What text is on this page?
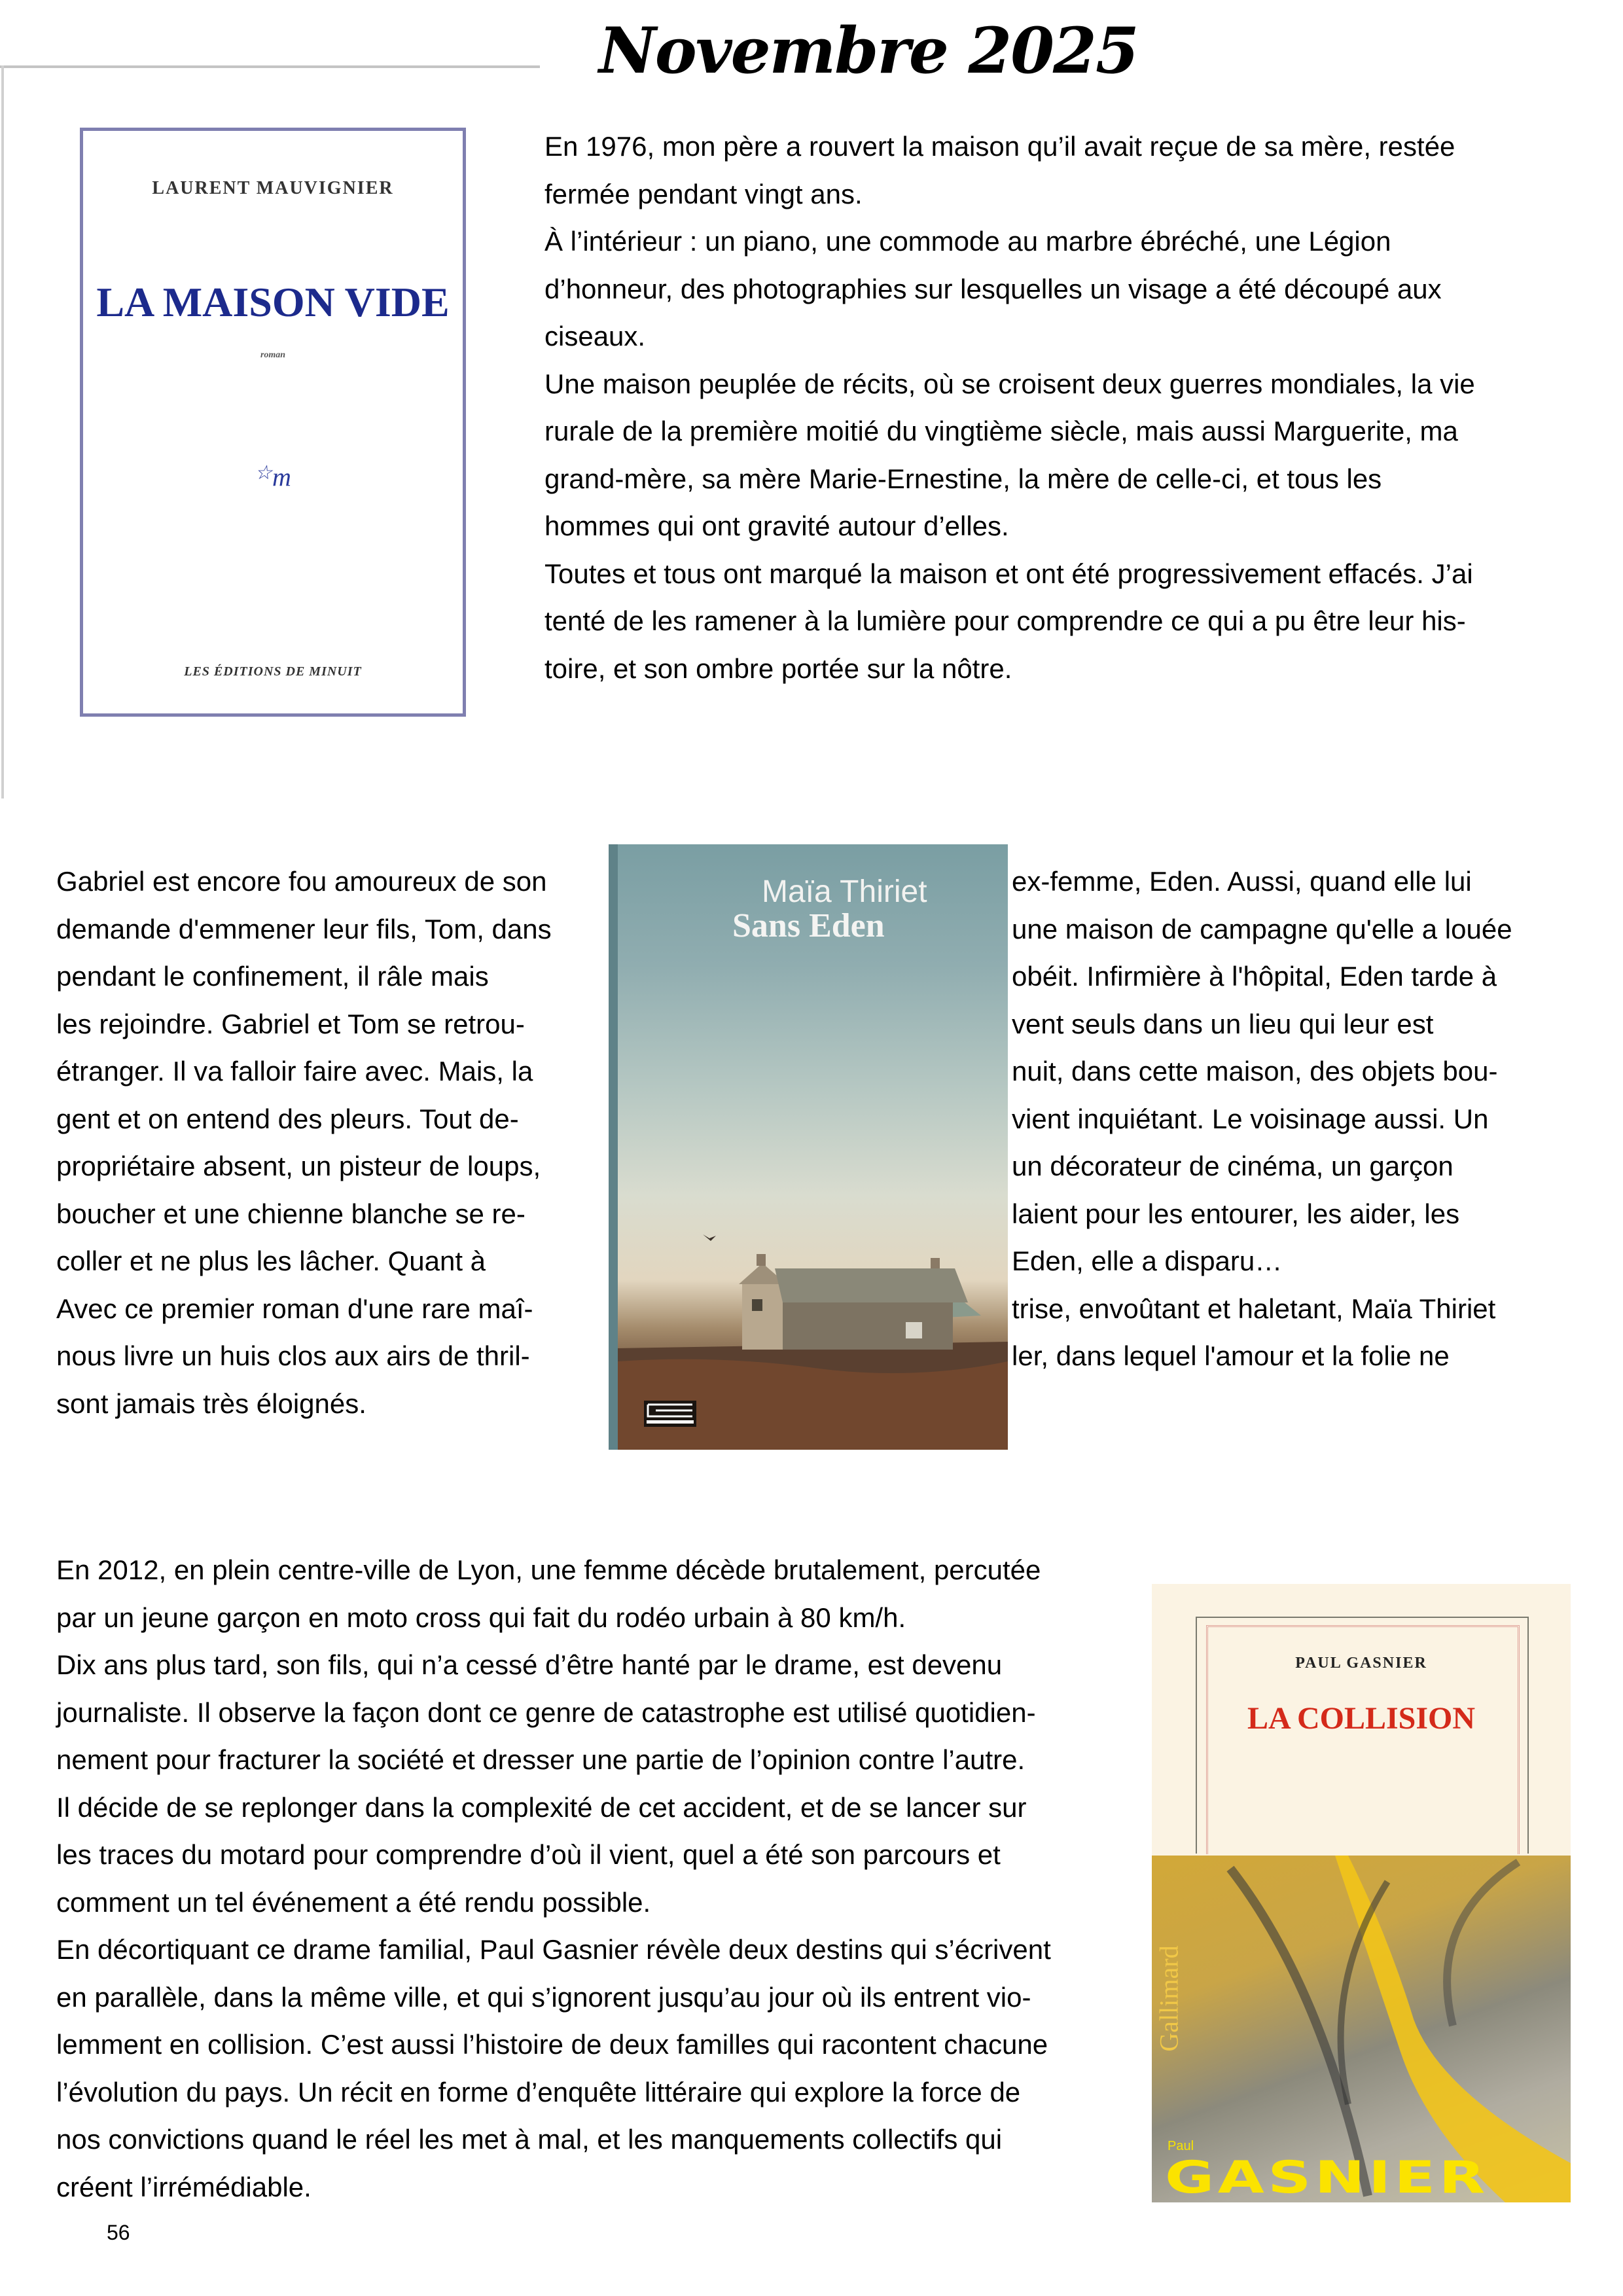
Novembre 2025
LAURENT MAUVIGNIER
LA MAISON VIDE
roman
☆m
LES ÉDITIONS DE MINUIT
En 1976, mon père a rouvert la maison qu’il avait reçue de sa mère, restée
fermée pendant vingt ans.
À l’intérieur : un piano, une commode au marbre ébréché, une Légion
d’honneur, des photographies sur lesquelles un visage a été découpé aux
ciseaux.
Une maison peuplée de récits, où se croisent deux guerres mondiales, la vie
rurale de la première moitié du vingtième siècle, mais aussi Marguerite, ma
grand-mère, sa mère Marie-Ernestine, la mère de celle-ci, et tous les
hommes qui ont gravité autour d’elles.
Toutes et tous ont marqué la maison et ont été progressivement effacés. J’ai
tenté de les ramener à la lumière pour comprendre ce qui a pu être leur his-
toire, et son ombre portée sur la nôtre.
Gabriel est encore fou amoureux de son
demande d'emmener leur fils, Tom, dans
pendant le confinement, il râle mais
les rejoindre. Gabriel et Tom se retrou-
étranger. Il va falloir faire avec. Mais, la
gent et on entend des pleurs. Tout de-
propriétaire absent, un pisteur de loups,
boucher et une chienne blanche se re-
coller et ne plus les lâcher. Quant à
Avec ce premier roman d'une rare maî-
nous livre un huis clos aux airs de thril-
sont jamais très éloignés.
Maïa Thiriet
Sans Eden
ex-femme, Eden. Aussi, quand elle lui
une maison de campagne qu'elle a louée
obéit. Infirmière à l'hôpital, Eden tarde à
vent seuls dans un lieu qui leur est
nuit, dans cette maison, des objets bou-
vient inquiétant. Le voisinage aussi. Un
un décorateur de cinéma, un garçon
laient pour les entourer, les aider, les
Eden, elle a disparu…
trise, envoûtant et haletant, Maïa Thiriet
ler, dans lequel l'amour et la folie ne
En 2012, en plein centre-ville de Lyon, une femme décède brutalement, percutée
par un jeune garçon en moto cross qui fait du rodéo urbain à 80 km/h.
Dix ans plus tard, son fils, qui n’a cessé d’être hanté par le drame, est devenu
journaliste. Il observe la façon dont ce genre de catastrophe est utilisé quotidien-
nement pour fracturer la société et dresser une partie de l’opinion contre l’autre.
Il décide de se replonger dans la complexité de cet accident, et de se lancer sur
les traces du motard pour comprendre d’où il vient, quel a été son parcours et
comment un tel événement a été rendu possible.
En décortiquant ce drame familial, Paul Gasnier révèle deux destins qui s’écrivent
en parallèle, dans la même ville, et qui s’ignorent jusqu’au jour où ils entrent vio-
lemment en collision. C’est aussi l’histoire de deux familles qui racontent chacune
l’évolution du pays. Un récit en forme d’enquête littéraire qui explore la force de
nos convictions quand le réel les met à mal, et les manquements collectifs qui
créent l’irrémédiable.
PAUL GASNIER
LA COLLISION
Gallimard
Paul
GASNIER
56
